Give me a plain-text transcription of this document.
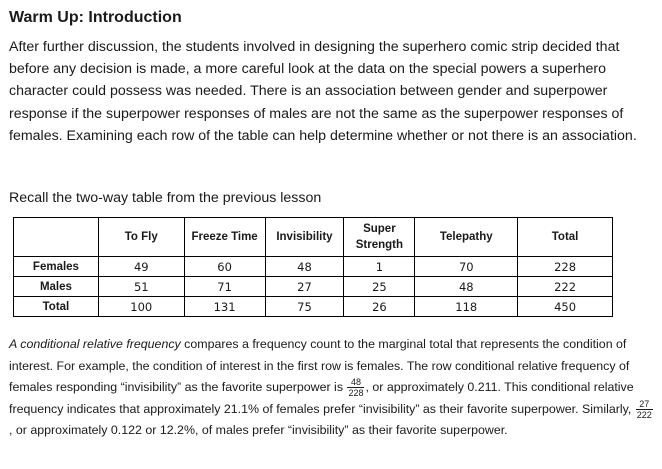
Warm Up: Introduction

After further discussion, the students involved in designing the superhero comic strip decided that before any decision is made, a more careful look at the data on the special powers a superhero character could possess was needed. There is an association between gender and superpower response if the superpower responses of males are not the same as the superpower responses of females. Examining each row of the table can help determine whether or not there is an association.

Recall the two-way table from the previous lesson

	To Fly	Freeze Time	Invisibility	Super Strength	Telepathy	Total
Females	49	60	48	1	70	228
Males	51	71	27	25	48	222
Total	100	131	75	26	118	450

A conditional relative frequency compares a frequency count to the marginal total that represents the condition of interest. For example, the condition of interest in the first row is females. The row conditional relative frequency of females responding “invisibility” as the favorite superpower is $\frac{48}{228}$ , or approximately 0.211. This conditional relative frequency indicates that approximately 21.1% of females prefer “invisibility” as their favorite superpower. Similarly, $\frac{27}{222}$
, or approximately 0.122 or 12.2%, of males prefer “invisibility” as their favorite superpower.
